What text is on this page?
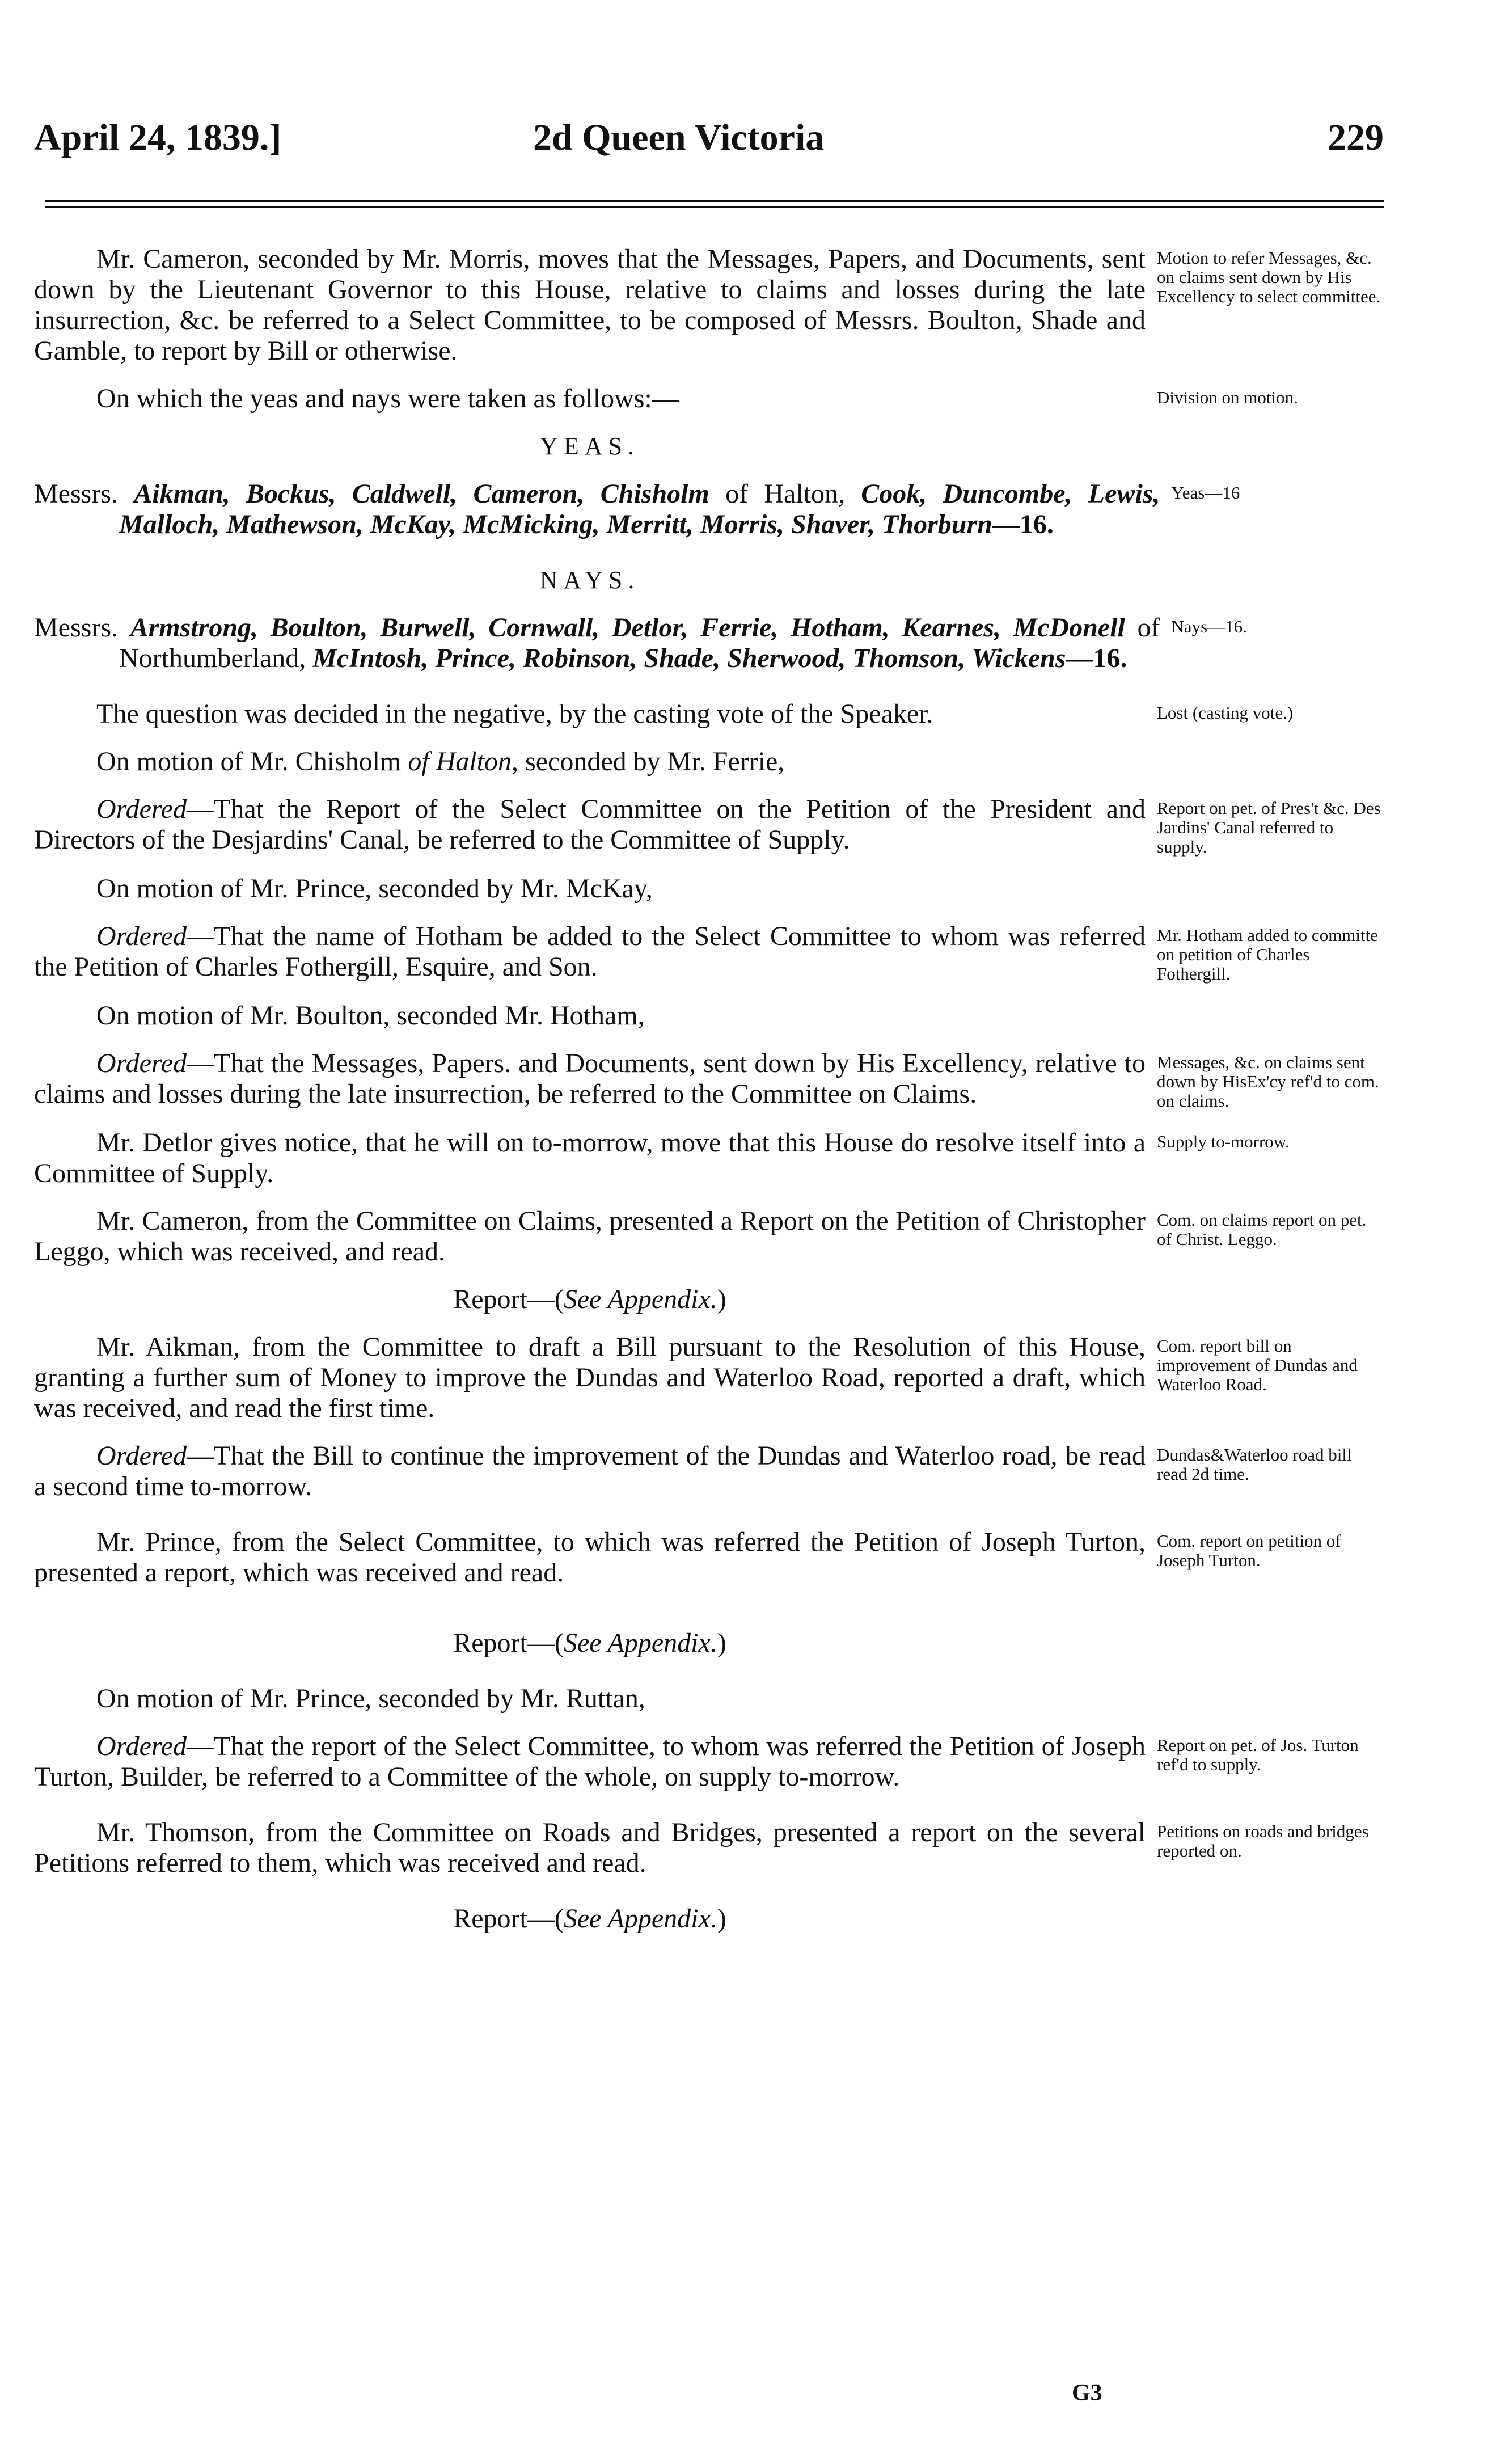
April 24, 1839.]	2d Queen Victoria	229
Mr. Cameron, seconded by Mr. Morris, moves that the Messages, Papers, and Documents, sent down by the Lieutenant Governor to this House, relative to claims and losses during the late insurrection, &c. be referred to a Select Committee, to be composed of Messrs. Boulton, Shade and Gamble, to report by Bill or otherwise.
Motion to refer Messages, &c. on claims sent down by His Excellency to select committee.
On which the yeas and nays were taken as follows:—	Division on motion.
YEAS.
Messrs. Aikman, Bockus, Caldwell, Cameron, Chisholm of Halton, Cook, Duncombe, Lewis, Malloch, Mathewson, McKay, McMicking, Merritt, Morris, Shaver, Thorburn—16.
Yeas—16
NAYS.
Messrs. Armstrong, Boulton, Burwell, Cornwall, Detlor, Ferrie, Hotham, Kearnes, McDonell of Northumberland, McIntosh, Prince, Robinson, Shade, Sherwood, Thomson, Wickens—16.
Nays—16.
The question was decided in the negative, by the casting vote of the Speaker.	Lost (casting vote.)
On motion of Mr. Chisholm of Halton, seconded by Mr. Ferrie,
Ordered—That the Report of the Select Committee on the Petition of the President and Directors of the Desjardins' Canal, be referred to the Committee of Supply.
Report on pet. of Pres't &c. Des Jardins' Canal referred to supply.
On motion of Mr. Prince, seconded by Mr. McKay,
Ordered—That the name of Hotham be added to the Select Committee to whom was referred the Petition of Charles Fothergill, Esquire, and Son.
Mr. Hotham added to committe on petition of Charles Fothergill.
On motion of Mr. Boulton, seconded Mr. Hotham,
Ordered—That the Messages, Papers. and Documents, sent down by His Excellency, relative to claims and losses during the late insurrection, be referred to the Committee on Claims.
Messages, &c. on claims sent down by HisEx'cy ref'd to com. on claims.
Mr. Detlor gives notice, that he will on to-morrow, move that this House do resolve itself into a Committee of Supply.
Supply to-morrow.
Mr. Cameron, from the Committee on Claims, presented a Report on the Petition of Christopher Leggo, which was received, and read.
Com. on claims report on pet. of Christ. Leggo.
Report—(See Appendix.)
Mr. Aikman, from the Committee to draft a Bill pursuant to the Resolution of this House, granting a further sum of Money to improve the Dundas and Waterloo Road, reported a draft, which was received, and read the first time.
Com. report bill on improvement of Dundas and Waterloo Road.
Ordered—That the Bill to continue the improvement of the Dundas and Waterloo road, be read a second time to-morrow.
Dundas&Waterloo road bill read 2d time.
Mr. Prince, from the Select Committee, to which was referred the Petition of Joseph Turton, presented a report, which was received and read.
Com. report on petition of Joseph Turton.
Report—(See Appendix.)
On motion of Mr. Prince, seconded by Mr. Ruttan,
Ordered—That the report of the Select Committee, to whom was referred the Petition of Joseph Turton, Builder, be referred to a Committee of the whole, on supply to-morrow.
Report on pet. of Jos. Turton ref'd to supply.
Mr. Thomson, from the Committee on Roads and Bridges, presented a report on the several Petitions referred to them, which was received and read.
Petitions on roads and bridges reported on.
Report—(See Appendix.)
G3
